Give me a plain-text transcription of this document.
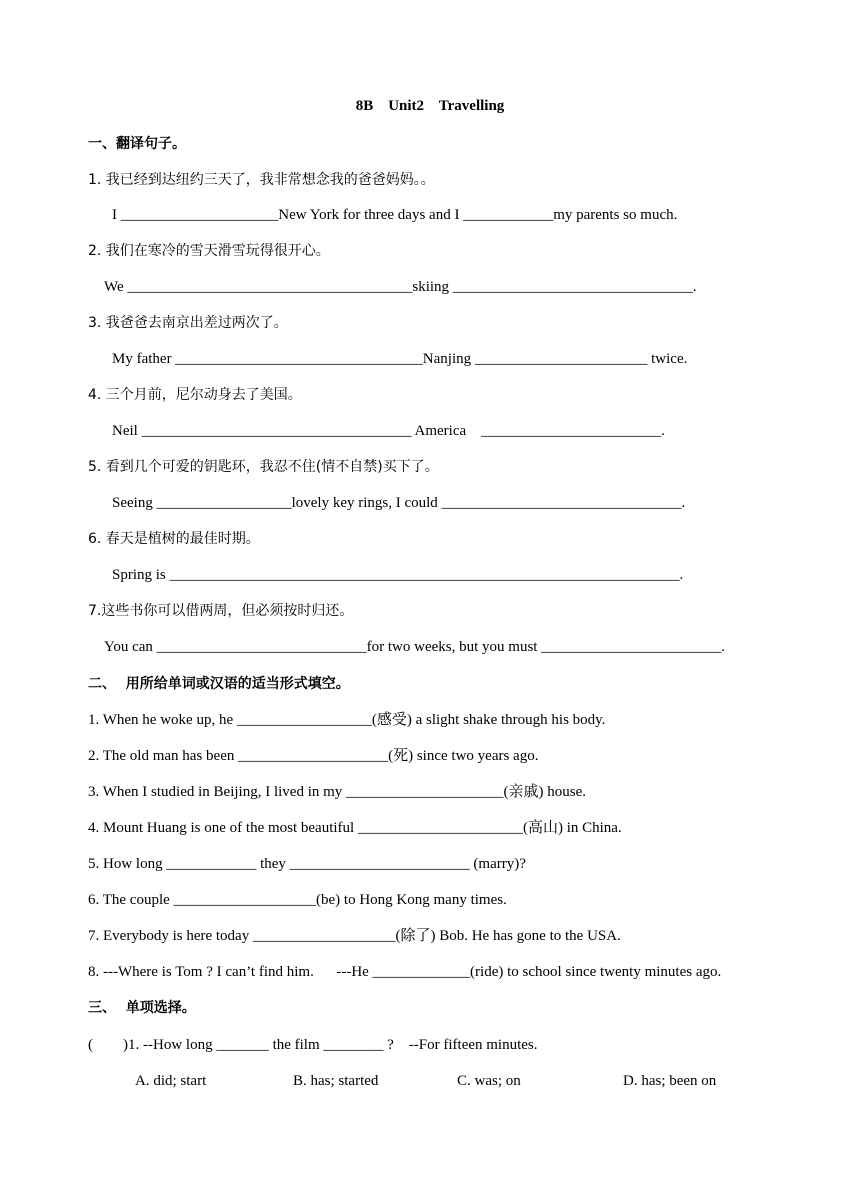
8B    Unit2    Travelling
一、翻译句子。
1. 我已经到达纽约三天了，我非常想念我的爸爸妈妈。。
I _____________________New York for three days and I ____________my parents so much.
2. 我们在寒冷的雪天滑雪玩得很开心。
We ______________________________________skiing ________________________________.
3. 我爸爸去南京出差过两次了。
My father _________________________________Nanjing _______________________ twice.
4. 三个月前，尼尔动身去了美国。
Neil ____________________________________ America    ________________________.
5. 看到几个可爱的钥匙环，我忍不住(情不自禁)买下了。
Seeing __________________lovely key rings, I could ________________________________.
6. 春天是植树的最佳时期。
Spring is ____________________________________________________________________.
7.这些书你可以借两周，但必须按时归还。
You can ____________________________for two weeks, but you must ________________________.
二、  用所给单词或汉语的适当形式填空。
1. When he woke up, he __________________(感受) a slight shake through his body.
2. The old man has been ____________________(死) since two years ago.
3. When I studied in Beijing, I lived in my _____________________(亲戚) house.
4. Mount Huang is one of the most beautiful ______________________(高山) in China.
5. How long ____________ they ________________________ (marry)?
6. The couple ___________________(be) to Hong Kong many times.
7. Everybody is here today ___________________(除了) Bob. He has gone to the USA.
8. ---Where is Tom ? I can’t find him.      ---He _____________(ride) to school since twenty minutes ago.
三、  单项选择。
(        )1. --How long _______ the film ________ ?    --For fifteen minutes.
A. did; start	B. has; started	C. was; on	D. has; been on
